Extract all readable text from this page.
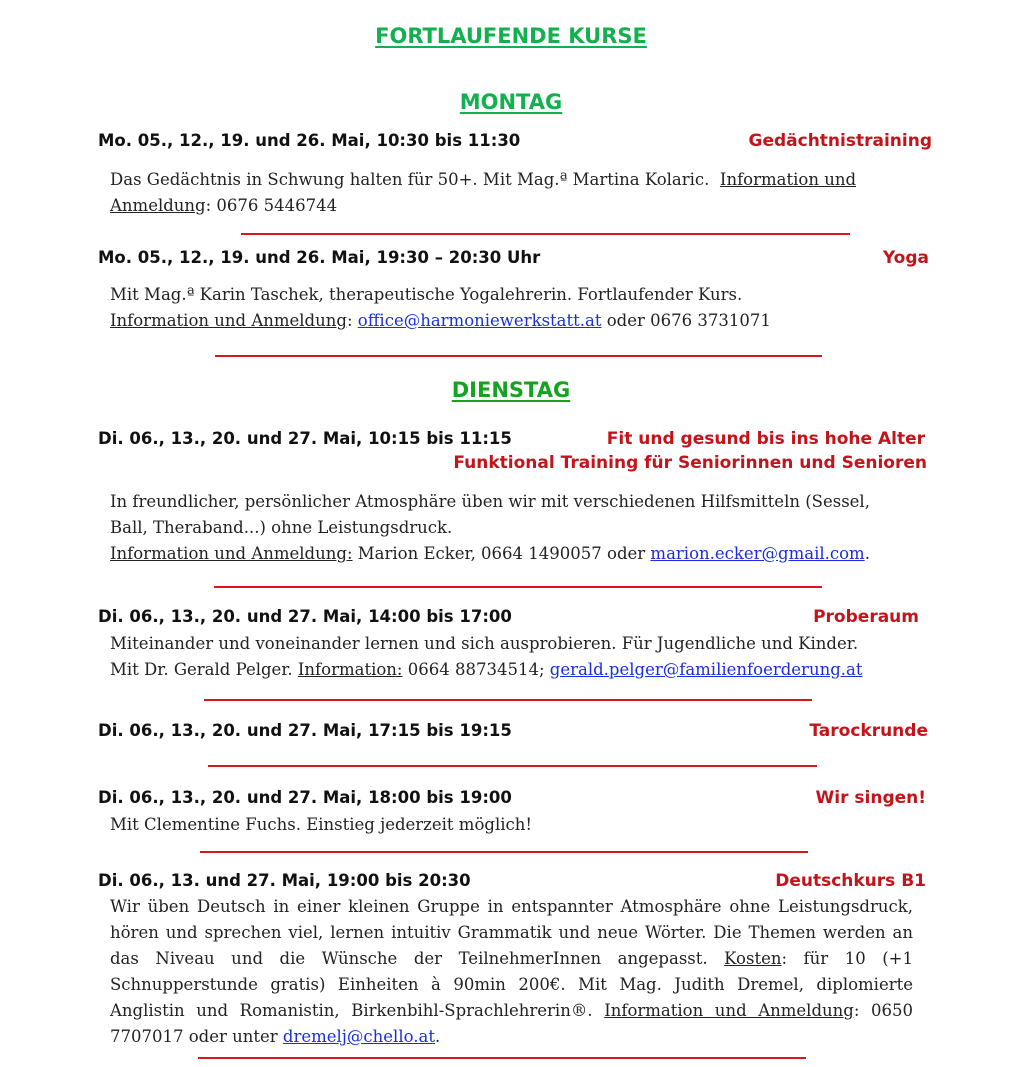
FORTLAUFENDE KURSE
MONTAG
Mo. 05., 12., 19. und 26. Mai, 10:30 bis 11:30	Gedächtnistraining
Das Gedächtnis in Schwung halten für 50+. Mit Mag.ª Martina Kolaric. Information und Anmeldung: 0676 5446744
Mo. 05., 12., 19. und 26. Mai, 19:30 – 20:30 Uhr	Yoga
Mit Mag.ª Karin Taschek, therapeutische Yogalehrerin. Fortlaufender Kurs.
Information und Anmeldung: office@harmoniewerkstatt.at oder 0676 3731071
DIENSTAG
Di. 06., 13., 20. und 27. Mai, 10:15 bis 11:15	Fit und gesund bis ins hohe Alter
Funktional Training für Seniorinnen und Senioren
In freundlicher, persönlicher Atmosphäre üben wir mit verschiedenen Hilfsmitteln (Sessel, Ball, Theraband...) ohne Leistungsdruck.
Information und Anmeldung: Marion Ecker, 0664 1490057 oder marion.ecker@gmail.com.
Di. 06., 13., 20. und 27. Mai, 14:00 bis 17:00	Proberaum
Miteinander und voneinander lernen und sich ausprobieren. Für Jugendliche und Kinder.
Mit Dr. Gerald Pelger. Information: 0664 88734514; gerald.pelger@familienfoerderung.at
Di. 06., 13., 20. und 27. Mai, 17:15 bis 19:15	Tarockrunde
Di. 06., 13., 20. und 27. Mai, 18:00 bis 19:00	Wir singen!
Mit Clementine Fuchs. Einstieg jederzeit möglich!
Di. 06., 13. und 27. Mai, 19:00 bis 20:30	Deutschkurs B1
Wir üben Deutsch in einer kleinen Gruppe in entspannter Atmosphäre ohne Leistungsdruck, hören und sprechen viel, lernen intuitiv Grammatik und neue Wörter. Die Themen werden an das Niveau und die Wünsche der TeilnehmerInnen angepasst. Kosten: für 10 (+1 Schnupperstunde gratis) Einheiten à 90min 200€. Mit Mag. Judith Dremel, diplomierte Anglistin und Romanistin, Birkenbihl-Sprachlehrerin®. Information und Anmeldung: 0650 7707017 oder unter dremelj@chello.at.
